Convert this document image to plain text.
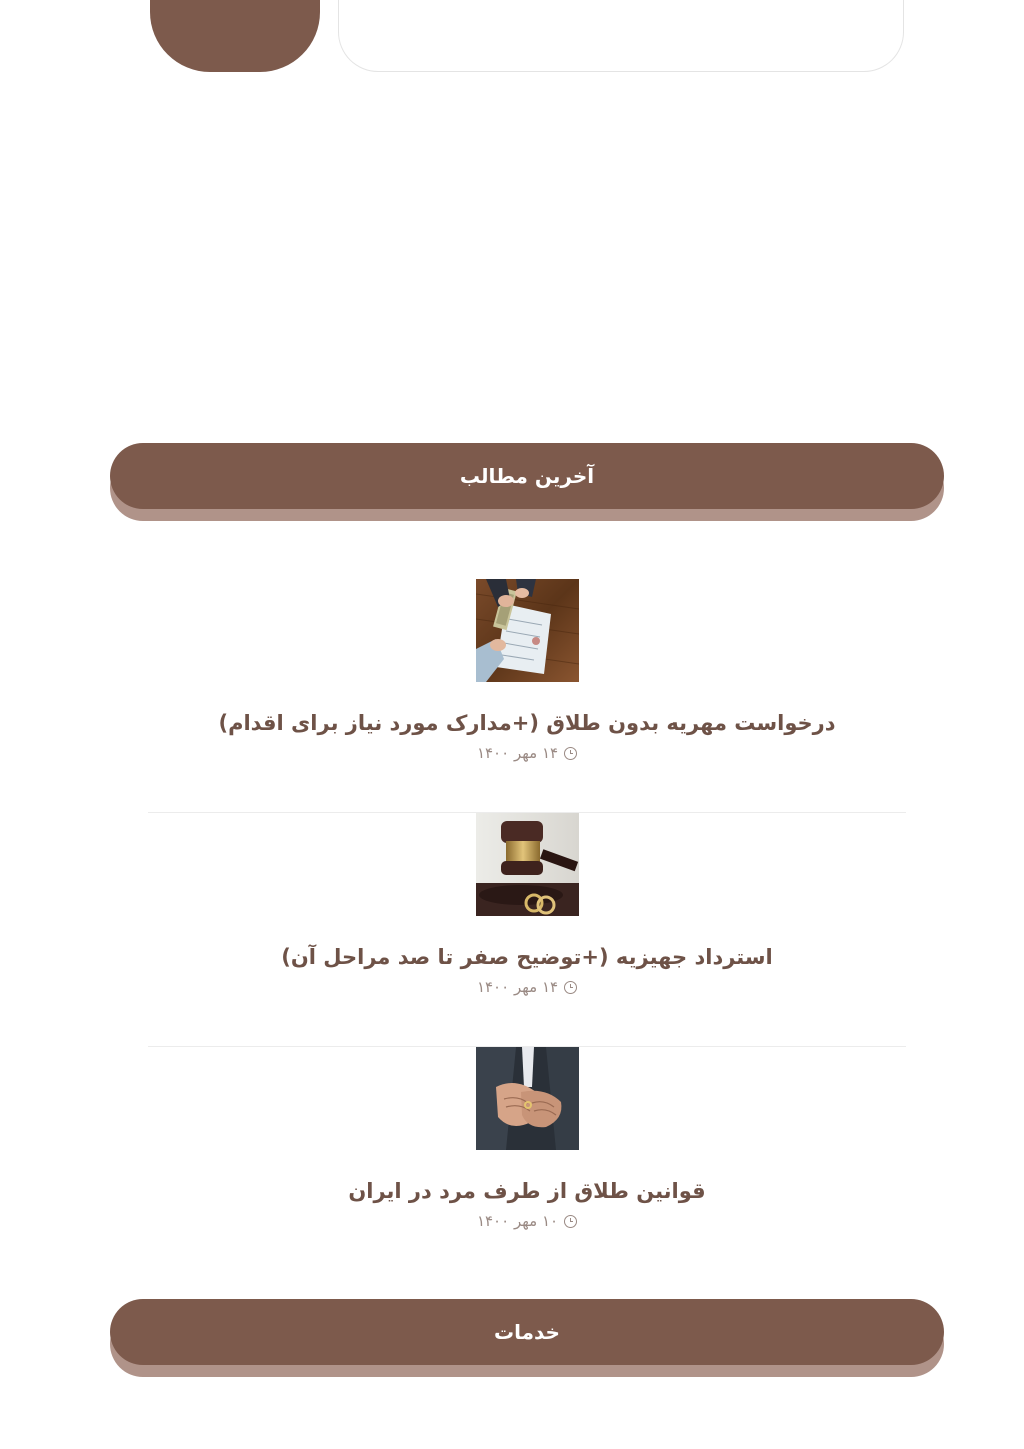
آخرین مطالب
درخواست مهریه بدون طلاق (+مدارک مورد نیاز برای اقدام)
۱۴ مهر ۱۴۰۰
استرداد جهیزیه (+توضیح صفر تا صد مراحل آن)
۱۴ مهر ۱۴۰۰
قوانین طلاق از طرف مرد در ایران
۱۰ مهر ۱۴۰۰
خدمات
